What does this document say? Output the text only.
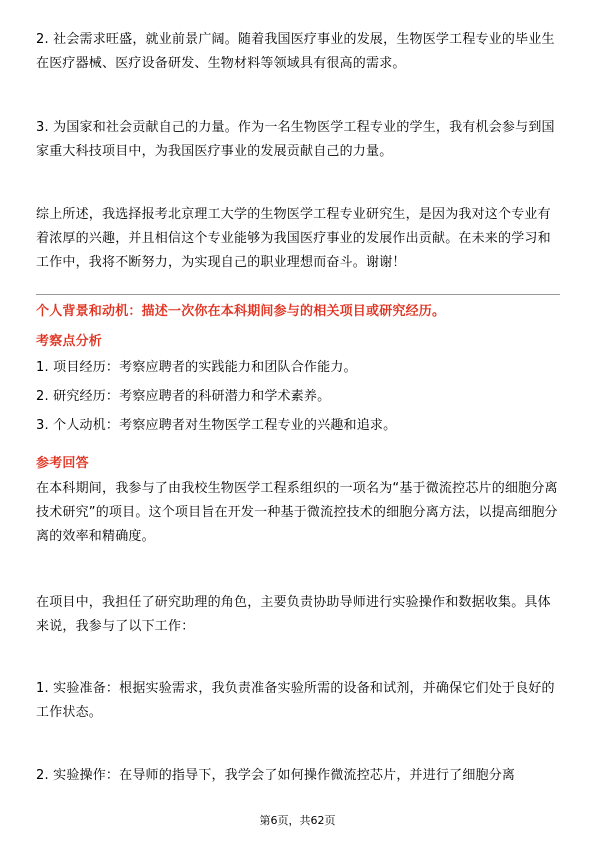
2. 社会需求旺盛，就业前景广阔。随着我国医疗事业的发展，生物医学工程专业的毕业生在医疗器械、医疗设备研发、生物材料等领域具有很高的需求。

3. 为国家和社会贡献自己的力量。作为一名生物医学工程专业的学生，我有机会参与到国家重大科技项目中，为我国医疗事业的发展贡献自己的力量。

综上所述，我选择报考北京理工大学的生物医学工程专业研究生，是因为我对这个专业有着浓厚的兴趣，并且相信这个专业能够为我国医疗事业的发展作出贡献。在未来的学习和工作中，我将不断努力，为实现自己的职业理想而奋斗。谢谢！

个人背景和动机：描述一次你在本科期间参与的相关项目或研究经历。

考察点分析

1. 项目经历：考察应聘者的实践能力和团队合作能力。

2. 研究经历：考察应聘者的科研潜力和学术素养。

3. 个人动机：考察应聘者对生物医学工程专业的兴趣和追求。

参考回答

在本科期间，我参与了由我校生物医学工程系组织的一项名为“基于微流控芯片的细胞分离技术研究”的项目。这个项目旨在开发一种基于微流控技术的细胞分离方法，以提高细胞分离的效率和精确度。

在项目中，我担任了研究助理的角色，主要负责协助导师进行实验操作和数据收集。具体来说，我参与了以下工作：

1. 实验准备：根据实验需求，我负责准备实验所需的设备和试剂，并确保它们处于良好的工作状态。

2. 实验操作：在导师的指导下，我学会了如何操作微流控芯片，并进行了细胞分离

第6页，共62页
